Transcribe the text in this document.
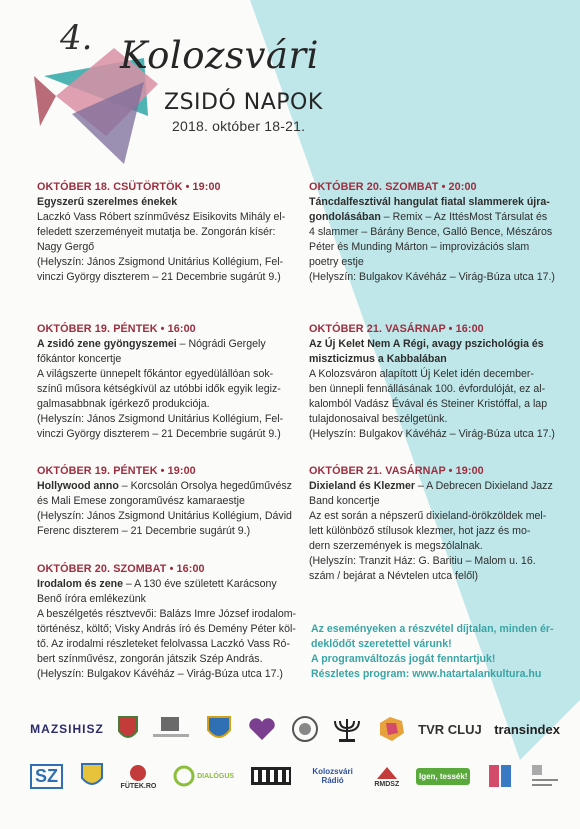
4. Kolozsvári
ZSIDÓ NAPOK
2018. október 18-21.
OKTÓBER 18. CSÜTÖRTÖK • 19:00
Egyszerű szerelmes énekek
Laczkó Vass Róbert színművész Eisikovits Mihály el-
feledett szerzeményeit mutatja be. Zongorán kísér:
Nagy Gergő
(Helyszín: János Zsigmond Unitárius Kollégium, Fel-
vinczi György diszterem – 21 Decembrie sugárút 9.)
OKTÓBER 19. PÉNTEK • 16:00
A zsidó zene gyöngyszemei – Nógrádi Gergely
főkántor koncertje
A világszerte ünnepelt főkántor egyedülállóan sok-
színű műsora kétségkívül az utóbbi idők egyik legiz-
galmasabbnak ígérkező produkciója.
(Helyszín: János Zsigmond Unitárius Kollégium, Fel-
vinczi György diszterem – 21 Decembrie sugárút 9.)
OKTÓBER 19. PÉNTEK • 19:00
Hollywood anno – Korcsolán Orsolya hegedűművész
és Mali Emese zongoraművész kamaraestje
(Helyszín: János Zsigmond Unitárius Kollégium, Dávid
Ferenc diszterem – 21 Decembrie sugárút 9.)
OKTÓBER 20. SZOMBAT • 16:00
Irodalom és zene – A 130 éve született Karácsony
Benő íróra emlékezünk
A beszélgetés résztvevői: Balázs Imre József irodalom-
történész, költő; Visky András író és Demény Péter köl-
tő. Az irodalmi részleteket felolvassa Laczkó Vass Ró-
bert színművész, zongorán játszik Szép András.
(Helyszín: Bulgakov Kávéház – Virág-Búza utca 17.)
OKTÓBER 20. SZOMBAT • 20:00
Táncdalfesztivál hangulat fiatal slammerek újra-
gondolásában – Remix – Az IttésMost Társulat és
4 slammer – Bárány Bence, Galló Bence, Mészáros
Péter és Munding Márton – improvizációs slam
poetry estje
(Helyszín: Bulgakov Kávéház – Virág-Búza utca 17.)
OKTÓBER 21. VASÁRNAP • 16:00
Az Új Kelet Nem A Régi, avagy pszichológia és
miszticizmus a Kabbalában
A Kolozsváron alapított Új Kelet idén december-
ben ünnepli fennállásának 100. évfordulóját, ez al-
kalomból Vadász Évával és Steiner Kristóffal, a lap
tulajdonosaival beszélgetünk.
(Helyszín: Bulgakov Kávéház – Virág-Búza utca 17.)
OKTÓBER 21. VASÁRNAP • 19:00
Dixieland és Klezmer – A Debrecen Dixieland Jazz
Band koncertje
Az est során a népszerű dixieland-örökzöldek mel-
lett különböző stílusok klezmer, hot jazz és mo-
dern szerzemények is megszólalnak.
(Helyszín: Tranzit Ház: G. Baritiu – Malom u. 16.
szám / bejárat a Névtelen utca felől)
Az eseményeken a részvétel díjtalan, minden ér-
deklődőt szeretettel várunk!
A programváltozás jogát fenntartjuk!
Részletes program: www.hatartalankultura.hu
MAZSIHISZ	TVR CLUJ transindex
SZ
FÜTEK.RO
DIALÓGUS	Kolozsvári Rádió	RMDSZ
Igen, tessék!
